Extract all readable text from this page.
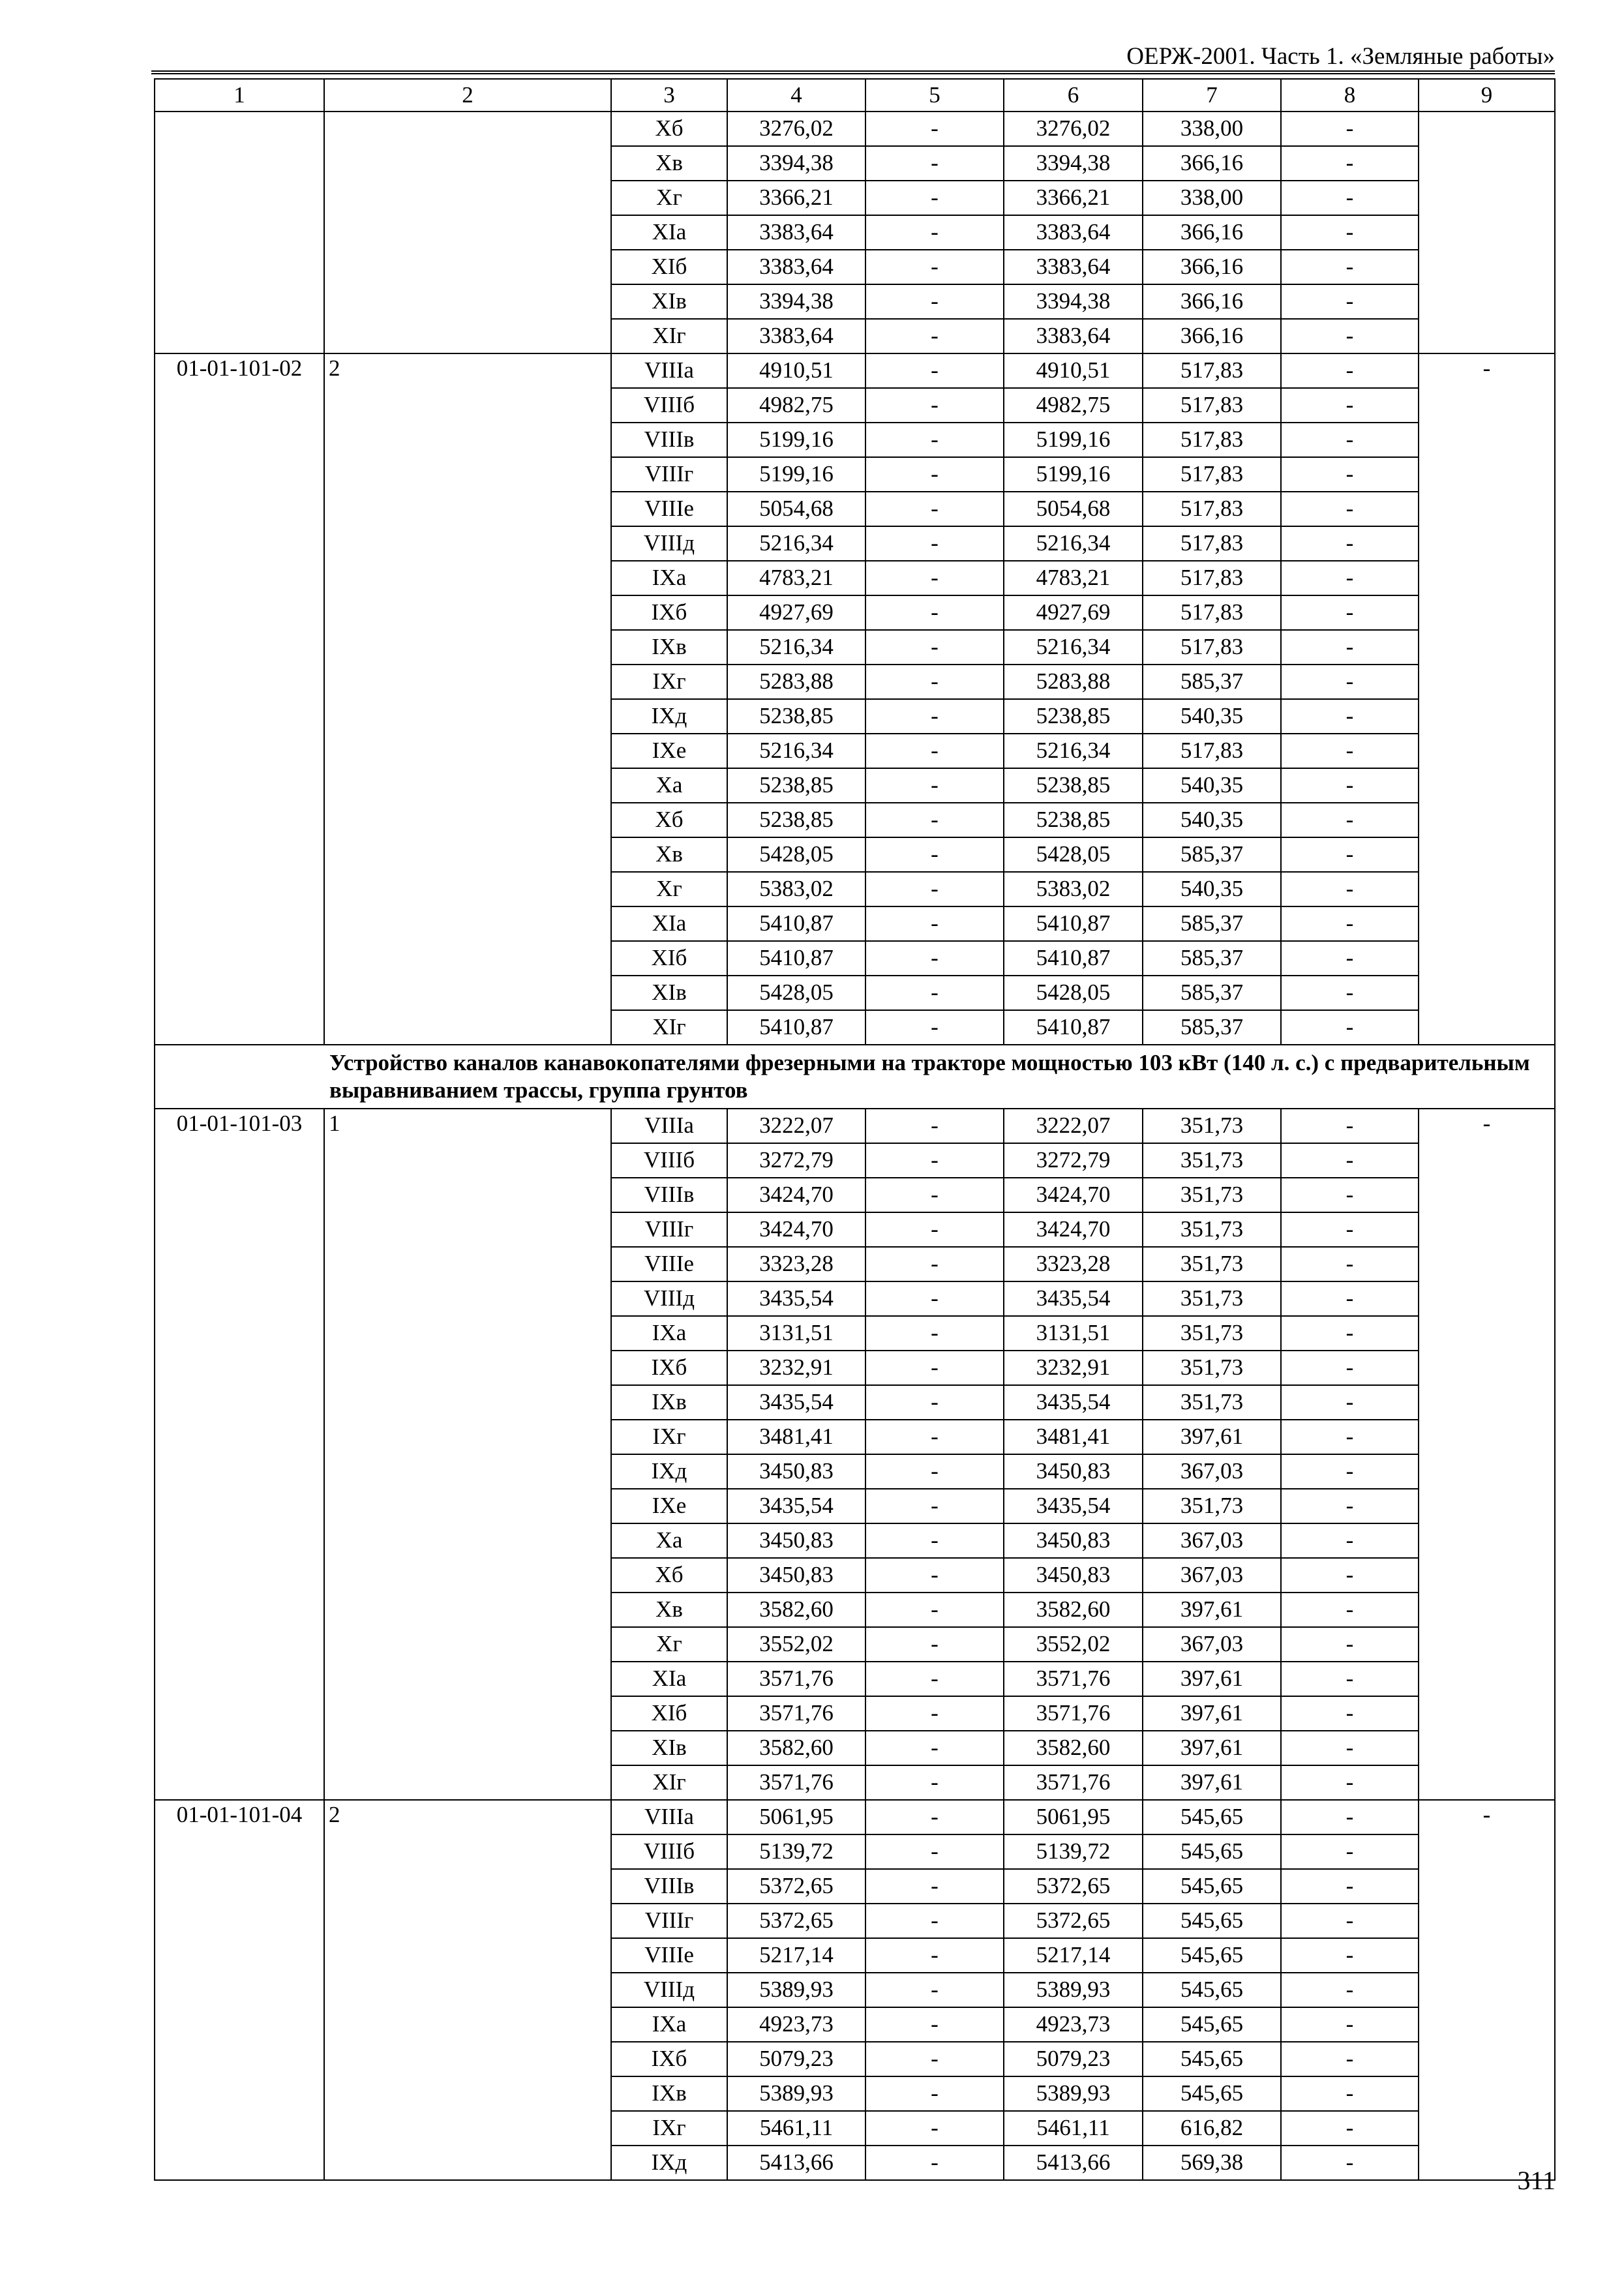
ОЕРЖ-2001. Часть 1. «Земляные работы»
1	2	3	4	5	6	7	8	9
		Xб	3276,02	-	3276,02	338,00	-	
		Xв	3394,38	-	3394,38	366,16	-	
		Xг	3366,21	-	3366,21	338,00	-	
		XIа	3383,64	-	3383,64	366,16	-	
		XIб	3383,64	-	3383,64	366,16	-	
		XIв	3394,38	-	3394,38	366,16	-	
		XIг	3383,64	-	3383,64	366,16	-	
01-01-101-02	2	VIIIа	4910,51	-	4910,51	517,83	-	-
		VIIIб	4982,75	-	4982,75	517,83	-	
		VIIIв	5199,16	-	5199,16	517,83	-	
		VIIIг	5199,16	-	5199,16	517,83	-	
		VIIIе	5054,68	-	5054,68	517,83	-	
		VIIIд	5216,34	-	5216,34	517,83	-	
		IXа	4783,21	-	4783,21	517,83	-	
		IXб	4927,69	-	4927,69	517,83	-	
		IXв	5216,34	-	5216,34	517,83	-	
		IXг	5283,88	-	5283,88	585,37	-	
		IXд	5238,85	-	5238,85	540,35	-	
		IXе	5216,34	-	5216,34	517,83	-	
		Xа	5238,85	-	5238,85	540,35	-	
		Xб	5238,85	-	5238,85	540,35	-	
		Xв	5428,05	-	5428,05	585,37	-	
		Xг	5383,02	-	5383,02	540,35	-	
		XIа	5410,87	-	5410,87	585,37	-	
		XIб	5410,87	-	5410,87	585,37	-	
		XIв	5428,05	-	5428,05	585,37	-	
		XIг	5410,87	-	5410,87	585,37	-	
	Устройство каналов канавокопателями фрезерными на тракторе мощностью 103 кВт (140 л. с.) с предварительным выравниванием трассы, группа грунтов							
01-01-101-03	1	VIIIа	3222,07	-	3222,07	351,73	-	-
		VIIIб	3272,79	-	3272,79	351,73	-	
		VIIIв	3424,70	-	3424,70	351,73	-	
		VIIIг	3424,70	-	3424,70	351,73	-	
		VIIIе	3323,28	-	3323,28	351,73	-	
		VIIIд	3435,54	-	3435,54	351,73	-	
		IXа	3131,51	-	3131,51	351,73	-	
		IXб	3232,91	-	3232,91	351,73	-	
		IXв	3435,54	-	3435,54	351,73	-	
		IXг	3481,41	-	3481,41	397,61	-	
		IXд	3450,83	-	3450,83	367,03	-	
		IXе	3435,54	-	3435,54	351,73	-	
		Xа	3450,83	-	3450,83	367,03	-	
		Xб	3450,83	-	3450,83	367,03	-	
		Xв	3582,60	-	3582,60	397,61	-	
		Xг	3552,02	-	3552,02	367,03	-	
		XIа	3571,76	-	3571,76	397,61	-	
		XIб	3571,76	-	3571,76	397,61	-	
		XIв	3582,60	-	3582,60	397,61	-	
		XIг	3571,76	-	3571,76	397,61	-	
01-01-101-04	2	VIIIа	5061,95	-	5061,95	545,65	-	-
		VIIIб	5139,72	-	5139,72	545,65	-	
		VIIIв	5372,65	-	5372,65	545,65	-	
		VIIIг	5372,65	-	5372,65	545,65	-	
		VIIIе	5217,14	-	5217,14	545,65	-	
		VIIIд	5389,93	-	5389,93	545,65	-	
		IXа	4923,73	-	4923,73	545,65	-	
		IXб	5079,23	-	5079,23	545,65	-	
		IXв	5389,93	-	5389,93	545,65	-	
		IXг	5461,11	-	5461,11	616,82	-	
		IXд	5413,66	-	5413,66	569,38	-	
311
